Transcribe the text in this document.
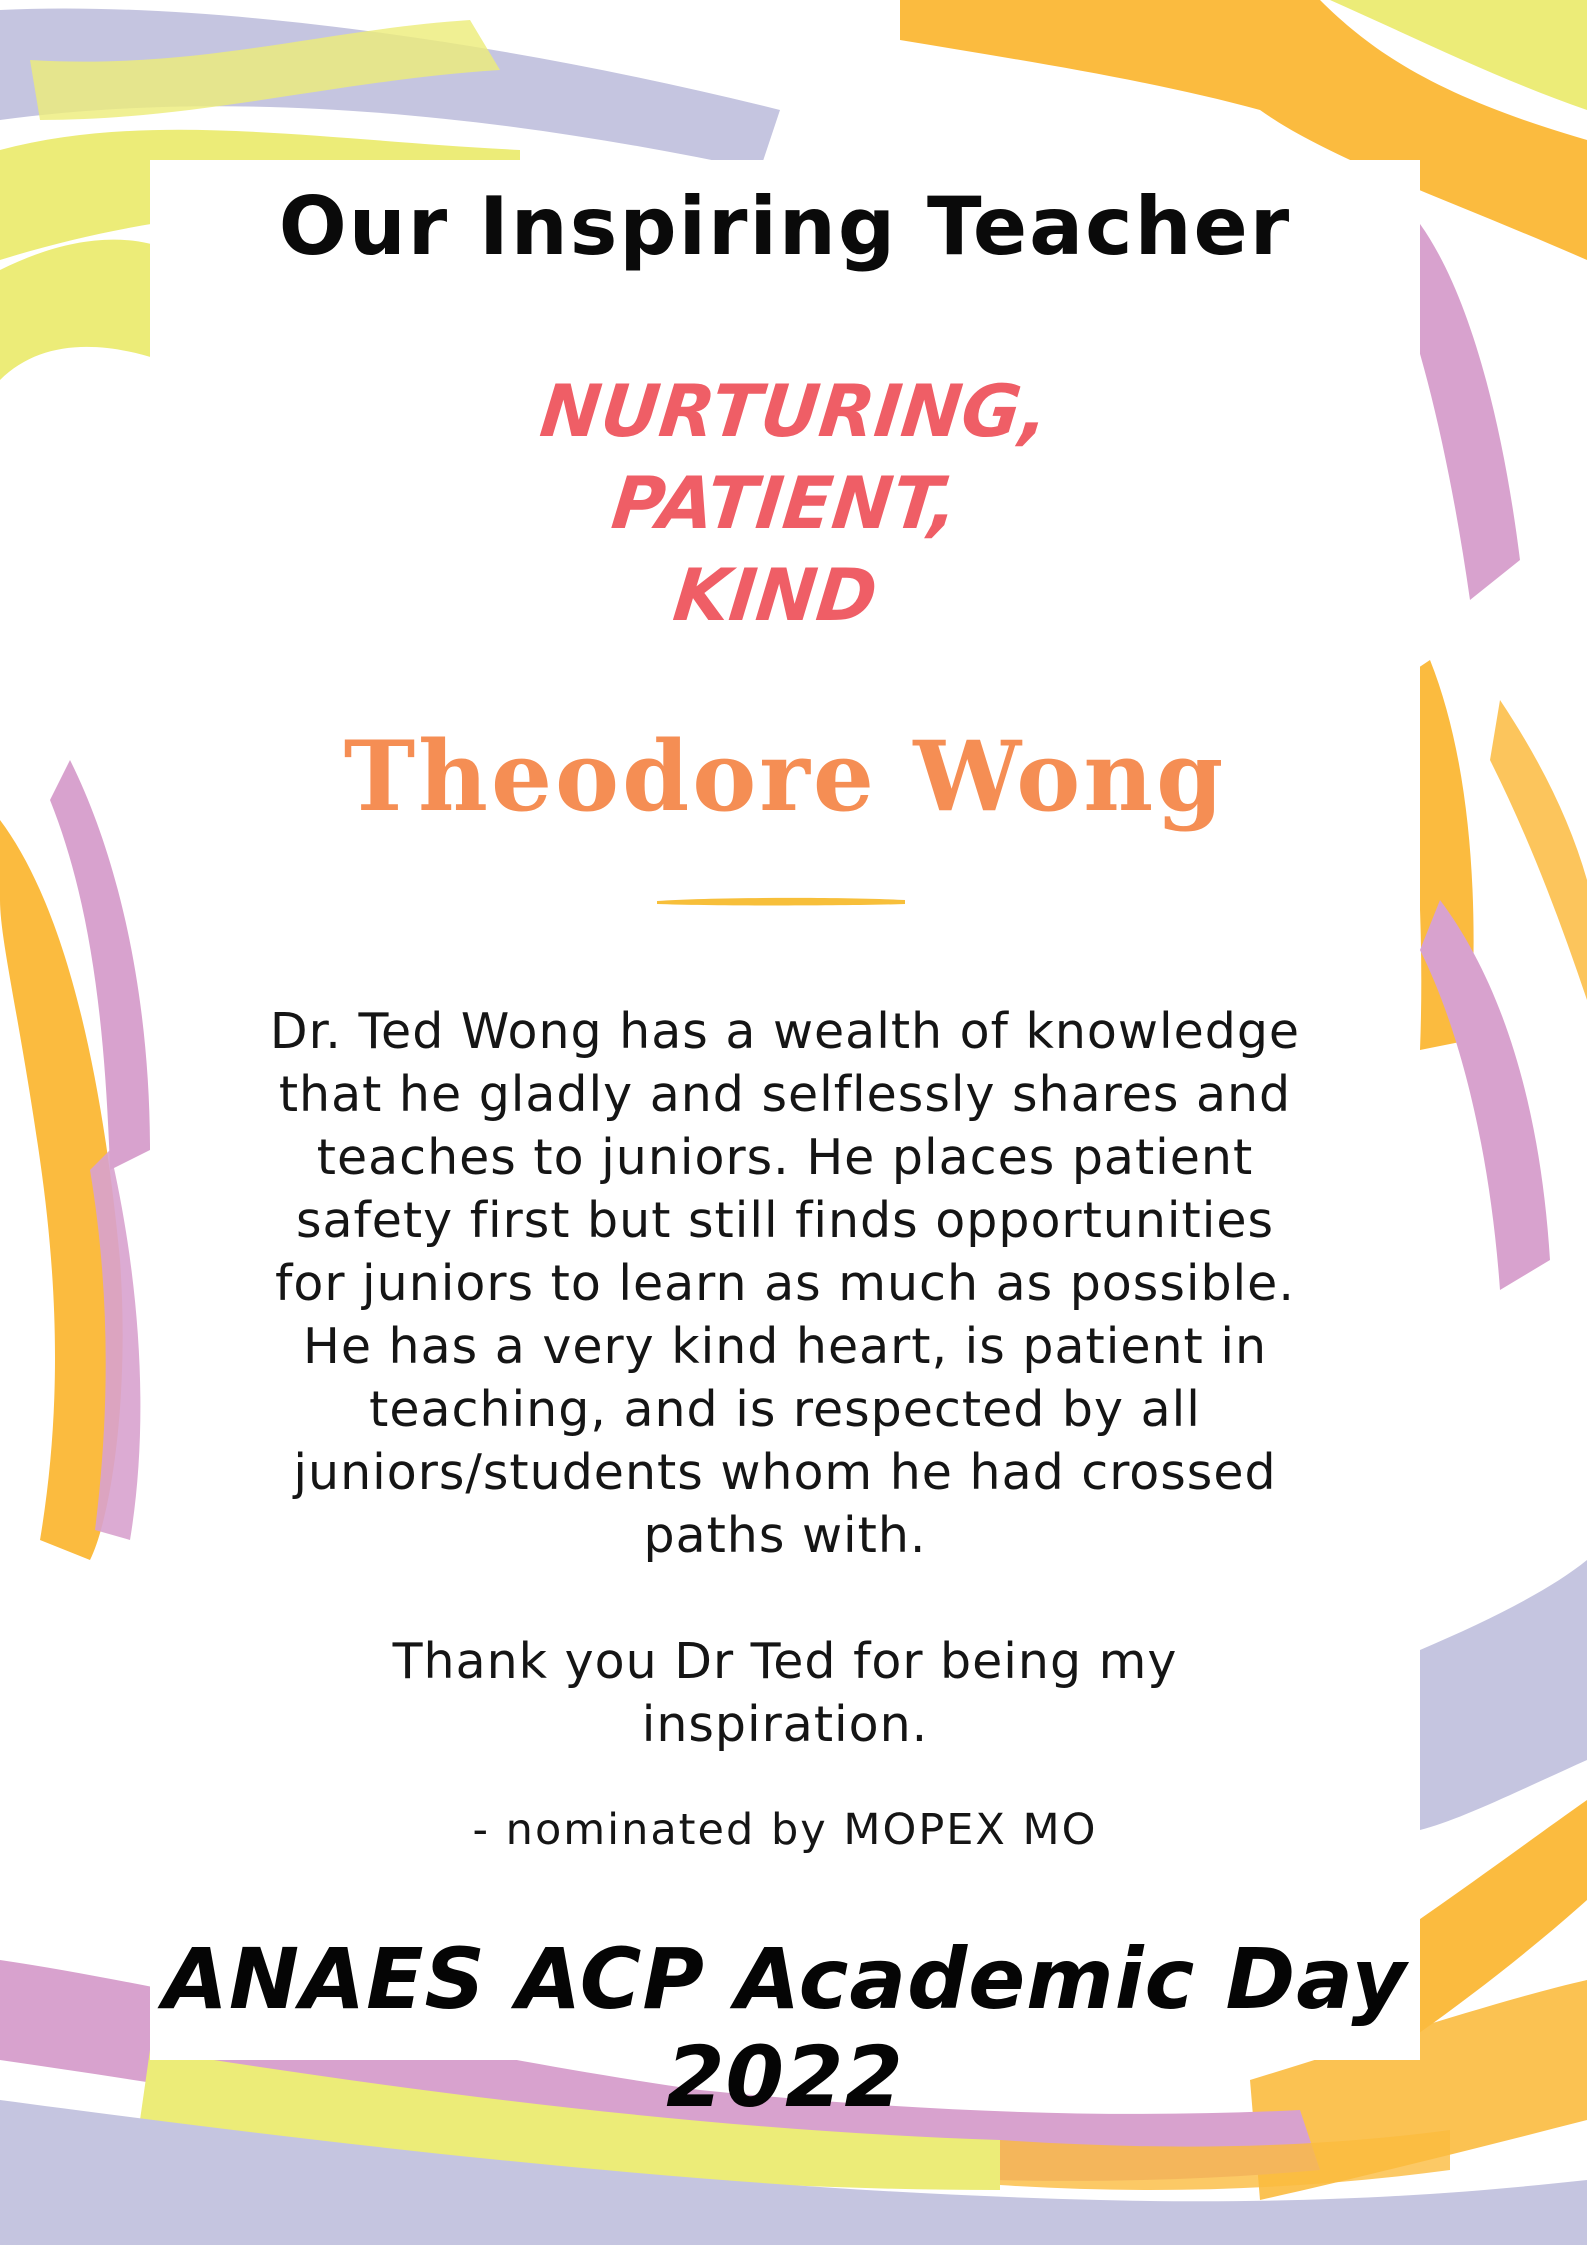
Our Inspiring Teacher
NURTURING,
PATIENT,
KIND
Theodore Wong
Dr. Ted Wong has a wealth of knowledge
that he gladly and selflessly shares and
teaches to juniors. He places patient
safety first but still finds opportunities
for juniors to learn as much as possible.
He has a very kind heart, is patient in
teaching, and is respected by all
juniors/students whom he had crossed
paths with.
Thank you Dr Ted for being my
inspiration.
- nominated by MOPEX MO
ANAES ACP Academic Day 2022
